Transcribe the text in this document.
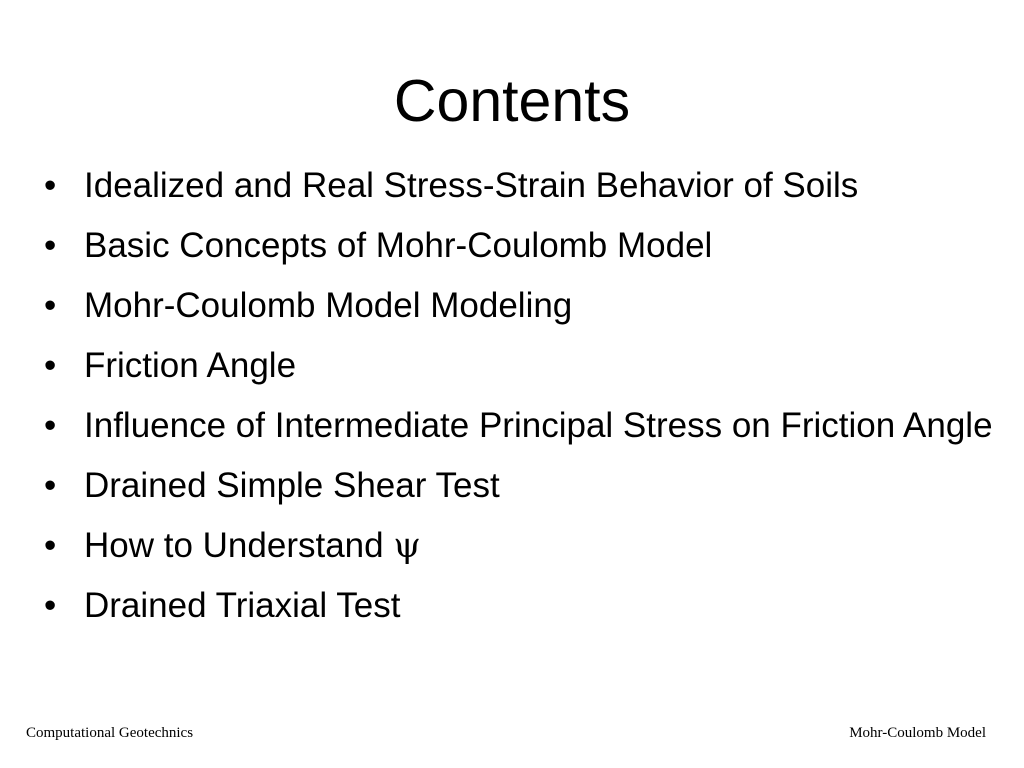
Contents
• Idealized and Real Stress-Strain Behavior of Soils
• Basic Concepts of Mohr-Coulomb Model
• Mohr-Coulomb Model Modeling
• Friction Angle
• Influence of Intermediate Principal Stress on Friction Angle
• Drained Simple Shear Test
• How to Understand ψ
• Drained Triaxial Test
Computational Geotechnics	Mohr-Coulomb Model
